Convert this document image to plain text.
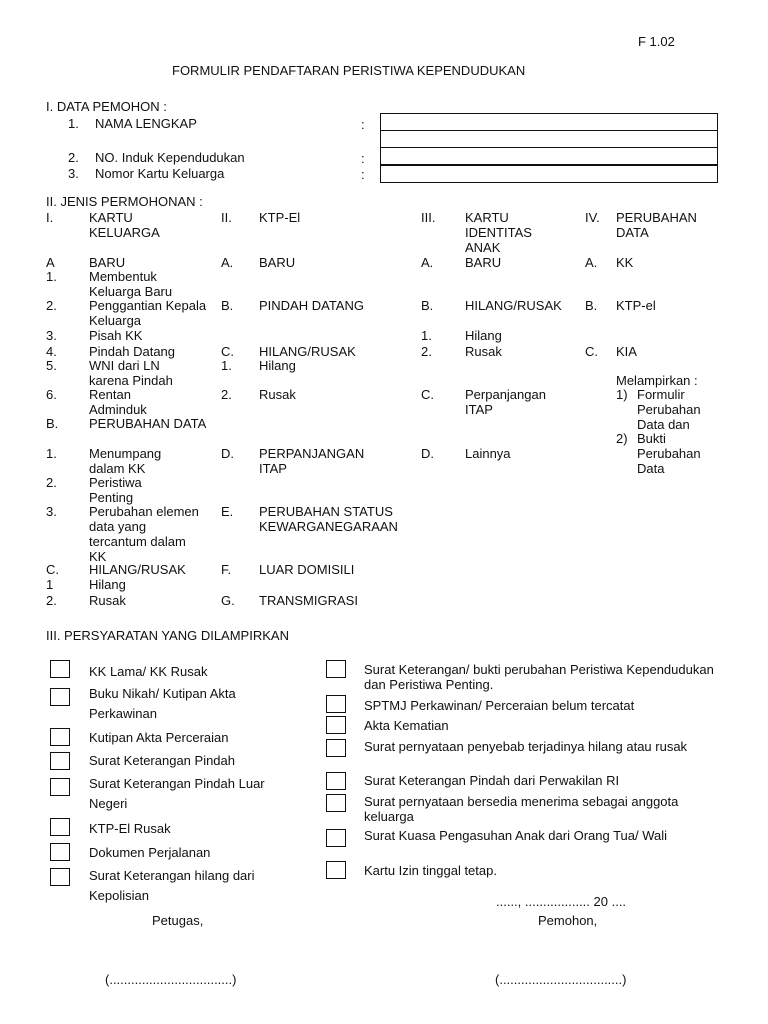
F 1.02
FORMULIR PENDAFTARAN PERISTIWA KEPENDUDUKAN
I. DATA PEMOHON :
1. NAMA LENGKAP	:
2. NO. Induk Kependudukan	:
3. Nomor Kartu Keluarga	:
II. JENIS PERMOHONAN :
I.	KARTU KELUARGA
A	BARU
1. Membentuk Keluarga Baru
2. Penggantian Kepala Keluarga
3. Pisah KK
4. Pindah Datang
5. WNI dari LN karena Pindah
6. Rentan Adminduk
B. PERUBAHAN DATA
1. Menumpang dalam KK
2. Peristiwa Penting
3. Perubahan elemen data yang tercantum dalam KK
C. HILANG/RUSAK
1	Hilang
2. Rusak
II. KTP-El
A. BARU
B. PINDAH DATANG
C. HILANG/RUSAK
1. Hilang
2. Rusak
D. PERPANJANGAN ITAP
E. PERUBAHAN STATUS KEWARGANEGARAAN
F. LUAR DOMISILI
G. TRANSMIGRASI
III. KARTU IDENTITAS ANAK
A. BARU
B. HILANG/RUSAK
1.	Hilang
2.	Rusak
C. Perpanjangan ITAP
D. Lainnya
IV. PERUBAHAN DATA
A. KK
B. KTP-el
C. KIA
Melampirkan :
1) Formulir Perubahan Data dan
2) Bukti Perubahan Data
III. PERSYARATAN YANG DILAMPIRKAN
KK Lama/ KK Rusak
Buku Nikah/ Kutipan Akta Perkawinan
Kutipan Akta Perceraian
Surat Keterangan Pindah
Surat Keterangan Pindah Luar Negeri
KTP-El Rusak
Dokumen Perjalanan
Surat Keterangan hilang dari Kepolisian
Surat Keterangan/ bukti perubahan Peristiwa Kependudukan dan Peristiwa Penting.
SPTMJ Perkawinan/ Perceraian belum tercatat
Akta Kematian
Surat pernyataan penyebab terjadinya hilang atau rusak
Surat Keterangan Pindah dari Perwakilan RI
Surat pernyataan bersedia menerima sebagai anggota keluarga
Surat Kuasa Pengasuhan Anak dari Orang Tua/ Wali
Kartu Izin tinggal tetap.
......, .................. 20 ....
Petugas,	Pemohon,
(..................................)	(..................................)
